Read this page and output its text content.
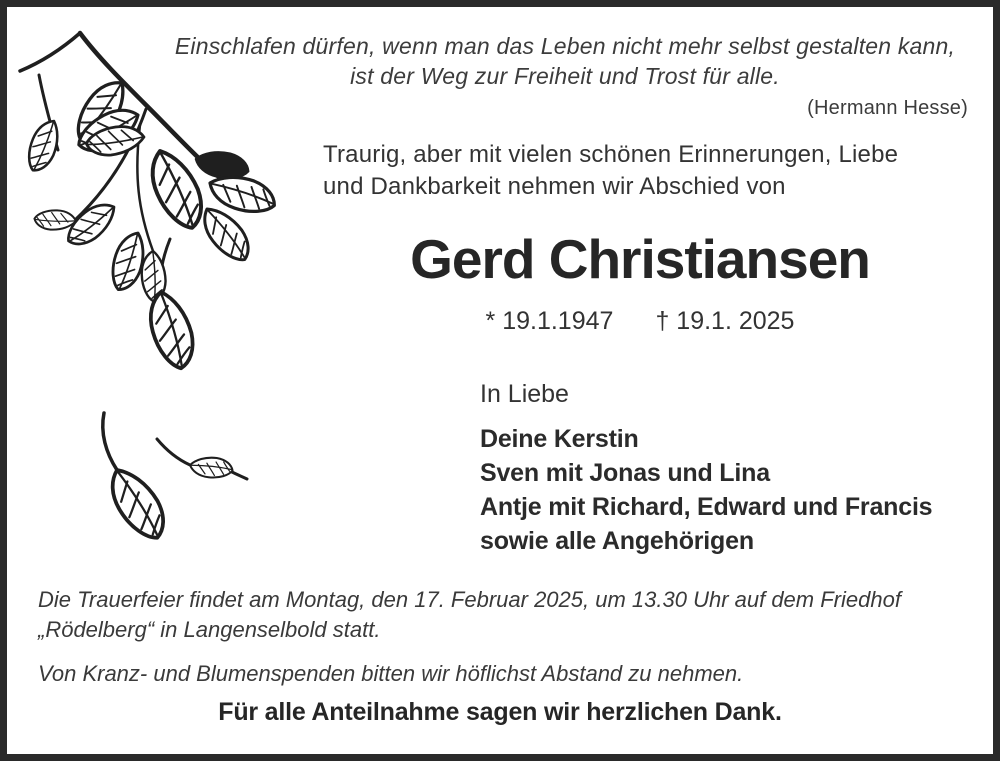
Einschlafen dürfen, wenn man das Leben nicht mehr selbst gestalten kann,
ist der Weg zur Freiheit und Trost für alle.
(Hermann Hesse)
Traurig, aber mit vielen schönen Erinnerungen, Liebe
und Dankbarkeit nehmen wir Abschied von
Gerd Christiansen
* 19.1.1947 † 19.1. 2025
In Liebe
Deine Kerstin
Sven mit Jonas und Lina
Antje mit Richard, Edward und Francis
sowie alle Angehörigen
Die Trauerfeier findet am Montag, den 17. Februar 2025, um 13.30 Uhr auf dem Friedhof
„Rödelberg“ in Langenselbold statt.
Von Kranz- und Blumenspenden bitten wir höflichst Abstand zu nehmen.
Für alle Anteilnahme sagen wir herzlichen Dank.
